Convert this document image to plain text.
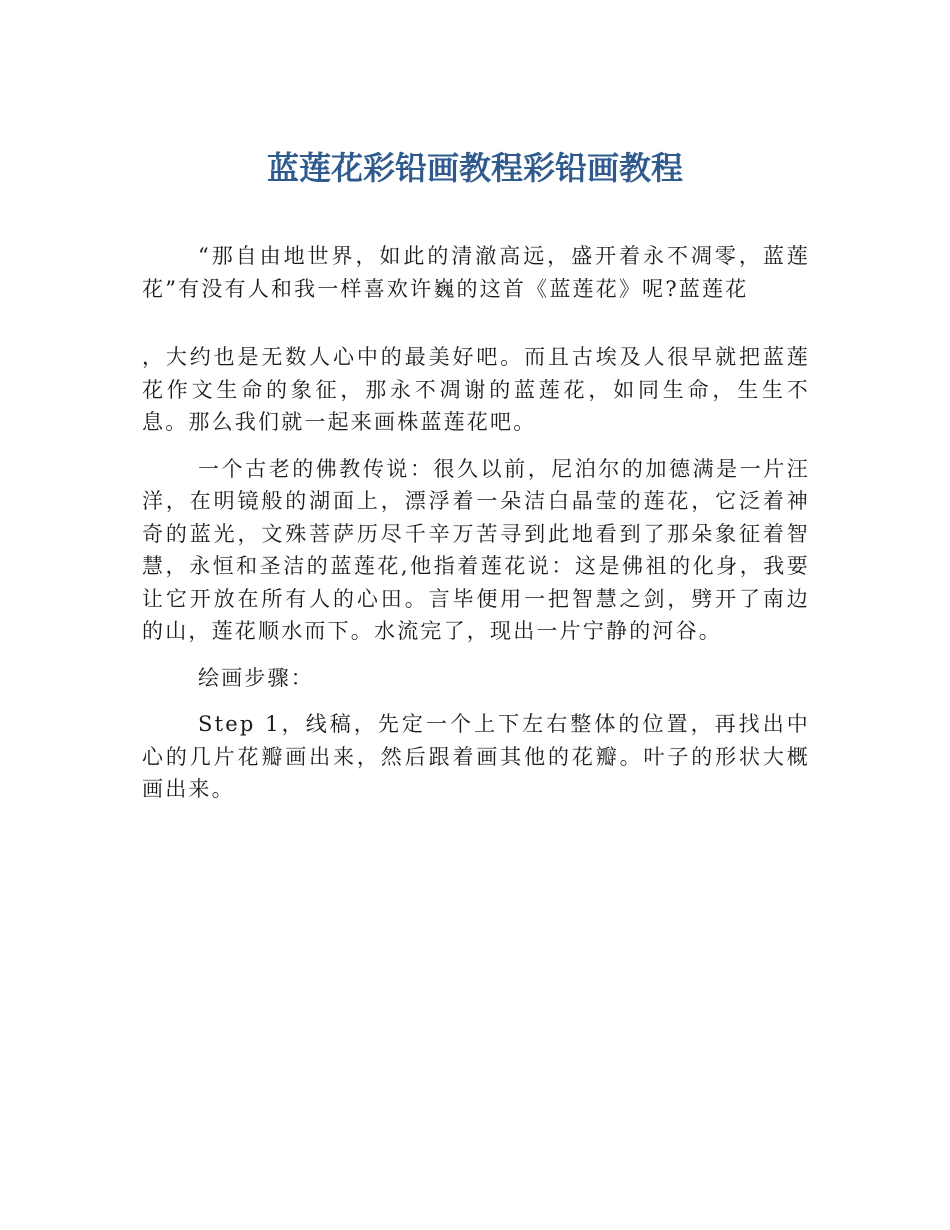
蓝莲花彩铅画教程彩铅画教程

“那自由地世界，如此的清澈高远，盛开着永不凋零，蓝莲花”有没有人和我一样喜欢许巍的这首《蓝莲花》呢?蓝莲花

，大约也是无数人心中的最美好吧。而且古埃及人很早就把蓝莲花作文生命的象征，那永不凋谢的蓝莲花，如同生命，生生不息。那么我们就一起来画株蓝莲花吧。

一个古老的佛教传说：很久以前，尼泊尔的加德满是一片汪洋，在明镜般的湖面上，漂浮着一朵洁白晶莹的莲花，它泛着神奇的蓝光，文殊菩萨历尽千辛万苦寻到此地看到了那朵象征着智慧，永恒和圣洁的蓝莲花,他指着莲花说：这是佛祖的化身，我要让它开放在所有人的心田。言毕便用一把智慧之剑，劈开了南边的山，莲花顺水而下。水流完了，现出一片宁静的河谷。

绘画步骤：

Step 1，线稿，先定一个上下左右整体的位置，再找出中心的几片花瓣画出来，然后跟着画其他的花瓣。叶子的形状大概画出来。
